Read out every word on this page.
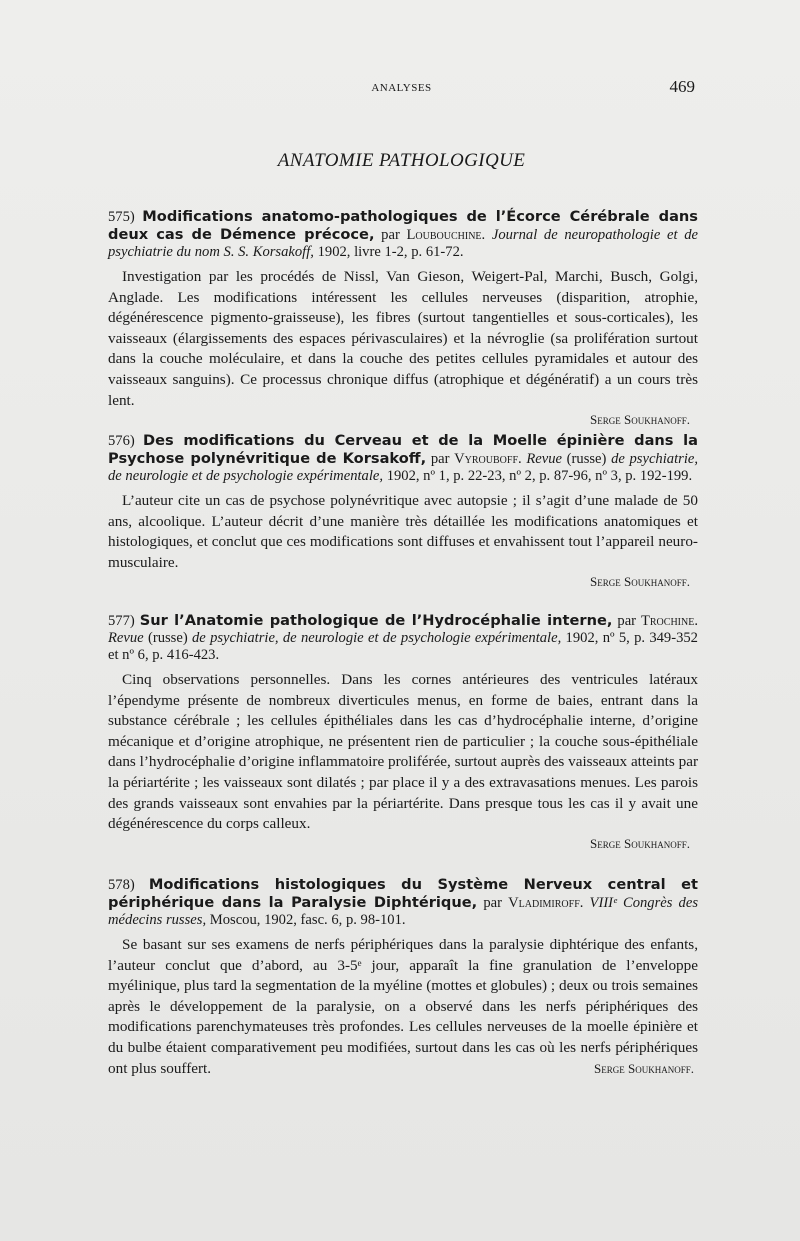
ANALYSES	469
ANATOMIE PATHOLOGIQUE

575) Modifications anatomo-pathologiques de l’Écorce Cérébrale dans deux cas de Démence précoce, par Loubouchine. Journal de neuropathologie et de psychiatrie du nom S. S. Korsakoff, 1902, livre 1-2, p. 61-72.

Investigation par les procédés de Nissl, Van Gieson, Weigert-Pal, Marchi, Busch, Golgi, Anglade. Les modifications intéressent les cellules nerveuses (disparition, atrophie, dégénérescence pigmento-graisseuse), les fibres (surtout tangentielles et sous-corticales), les vaisseaux (élargissements des espaces périvasculaires) et la névroglie (sa prolifération surtout dans la couche moléculaire, et dans la couche des petites cellules pyramidales et autour des vaisseaux sanguins). Ce processus chronique diffus (atrophique et dégénératif) a un cours très lent.

Serge Soukhanoff.

576) Des modifications du Cerveau et de la Moelle épinière dans la Psychose polynévritique de Korsakoff, par Vyrouboff. Revue (russe) de psychiatrie, de neurologie et de psychologie expérimentale, 1902, nº 1, p. 22-23, nº 2, p. 87-96, nº 3, p. 192-199.

L’auteur cite un cas de psychose polynévritique avec autopsie ; il s’agit d’une malade de 50 ans, alcoolique. L’auteur décrit d’une manière très détaillée les modifications anatomiques et histologiques, et conclut que ces modifications sont diffuses et envahissent tout l’appareil neuro-musculaire.

Serge Soukhanoff.

577) Sur l’Anatomie pathologique de l’Hydrocéphalie interne, par Trochine. Revue (russe) de psychiatrie, de neurologie et de psychologie expérimentale, 1902, nº 5, p. 349-352 et nº 6, p. 416-423.

Cinq observations personnelles. Dans les cornes antérieures des ventricules latéraux l’épendyme présente de nombreux diverticules menus, en forme de baies, entrant dans la substance cérébrale ; les cellules épithéliales dans les cas d’hydrocéphalie interne, d’origine mécanique et d’origine atrophique, ne présentent rien de particulier ; la couche sous-épithéliale dans l’hydrocéphalie d’origine inflammatoire proliférée, surtout auprès des vaisseaux atteints par la périartérite ; les vaisseaux sont dilatés ; par place il y a des extravasations menues. Les parois des grands vaisseaux sont envahies par la périartérite. Dans presque tous les cas il y avait une dégénérescence du corps calleux.

Serge Soukhanoff.

578) Modifications histologiques du Système Nerveux central et périphérique dans la Paralysie Diphtérique, par Vladimiroff. VIIIᵉ Congrès des médecins russes, Moscou, 1902, fasc. 6, p. 98-101.

Se basant sur ses examens de nerfs périphériques dans la paralysie diphtérique des enfants, l’auteur conclut que d’abord, au 3-5ᵉ jour, apparaît la fine granulation de l’enveloppe myélinique, plus tard la segmentation de la myéline (mottes et globules) ; deux ou trois semaines après le développement de la paralysie, on a observé dans les nerfs périphériques des modifications parenchymateuses très profondes. Les cellules nerveuses de la moelle épinière et du bulbe étaient comparativement peu modifiées, surtout dans les cas où les nerfs périphériques ont plus souffert.	Serge Soukhanoff.
